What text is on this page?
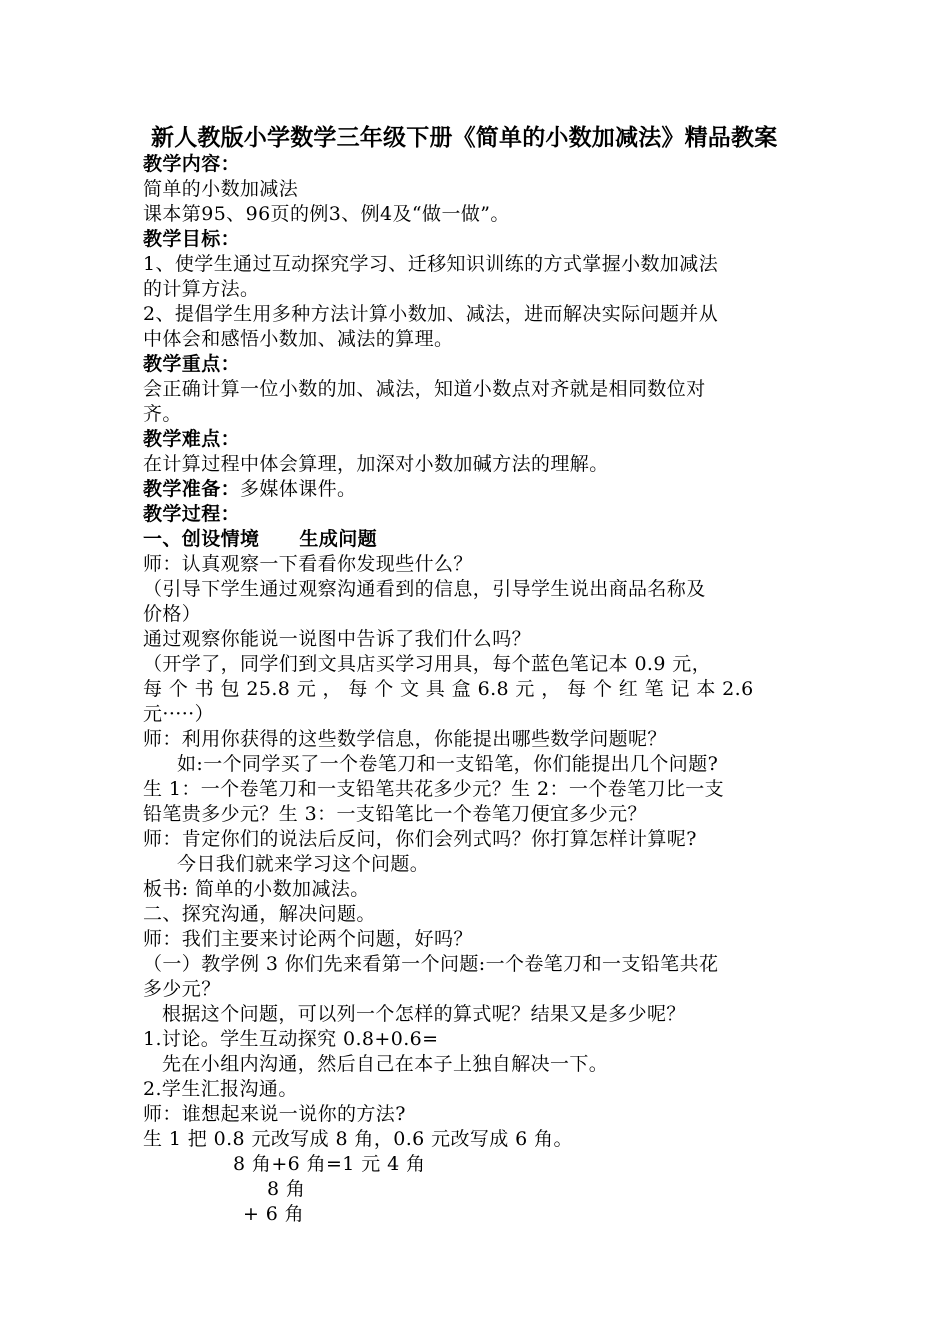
新人教版小学数学三年级下册《简单的小数加减法》精品教案
教学内容：
简单的小数加减法
课本第95、96页的例3、例4及“做一做”。
教学目标：
1、使学生通过互动探究学习、迁移知识训练的方式掌握小数加减法
的计算方法。
2、提倡学生用多种方法计算小数加、减法，进而解决实际问题并从
中体会和感悟小数加、减法的算理。
教学重点：
会正确计算一位小数的加、减法，知道小数点对齐就是相同数位对
齐。
教学难点：
在计算过程中体会算理，加深对小数加碱方法的理解。
教学准备：多媒体课件。
教学过程：
一、创设情境 生成问题
师：认真观察一下看看你发现些什么？
（引导下学生通过观察沟通看到的信息，引导学生说出商品名称及
价格）
通过观察你能说一说图中告诉了我们什么吗？
（开学了，同学们到文具店买学习用具，每个蓝色笔记本 0.9 元，
每 个 书 包 25.8 元 ， 每 个 文 具 盒 6.8 元 ， 每 个 红 笔 记 本 2.6
元·····）
师：利用你获得的这些数学信息，你能提出哪些数学问题呢？
如:一个同学买了一个卷笔刀和一支铅笔，你们能提出几个问题?
生 1：一个卷笔刀和一支铅笔共花多少元？生 2：一个卷笔刀比一支
铅笔贵多少元？生 3：一支铅笔比一个卷笔刀便宜多少元？
师：肯定你们的说法后反问，你们会列式吗？你打算怎样计算呢?
今日我们就来学习这个问题。
板书: 简单的小数加减法。
二、探究沟通，解决问题。
师：我们主要来讨论两个问题，好吗？
（一）教学例 3 你们先来看第一个问题:一个卷笔刀和一支铅笔共花
多少元？
根据这个问题，可以列一个怎样的算式呢？结果又是多少呢？
1.讨论。学生互动探究 0.8+0.6=
先在小组内沟通，然后自己在本子上独自解决一下。
2.学生汇报沟通。
师：谁想起来说一说你的方法?
生 1 把 0.8 元改写成 8 角，0.6 元改写成 6 角。
8 角+6 角=1 元 4 角
8 角
+ 6 角
